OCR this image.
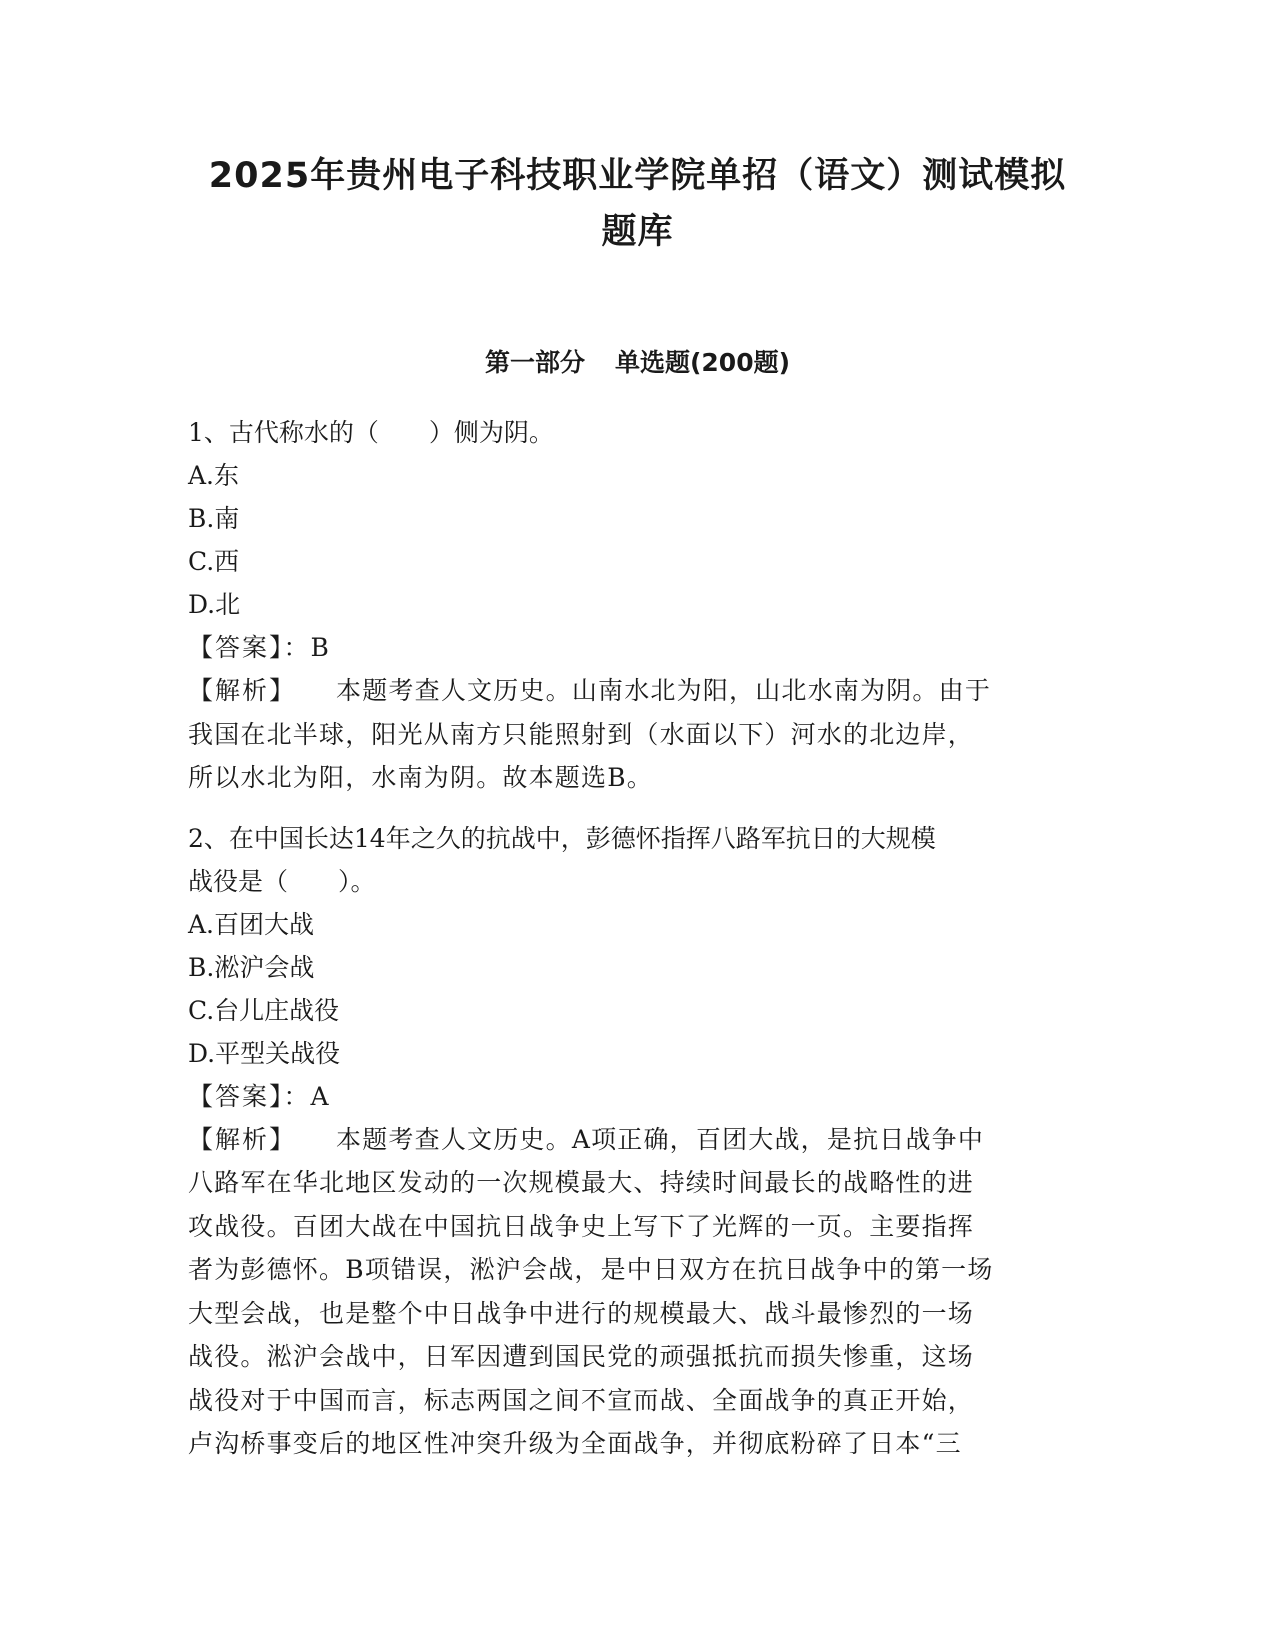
2025年贵州电子科技职业学院单招（语文）测试模拟
题库
第一部分 单选题(200题)
1、古代称水的（　　）侧为阴。
A.东
B.南
C.西
D.北
【答案】：B
【解析】 本题考查人文历史。山南水北为阳，山北水南为阴。由于
我国在北半球，阳光从南方只能照射到（水面以下）河水的北边岸，
所以水北为阳，水南为阴。故本题选B。
2、在中国长达14年之久的抗战中，彭德怀指挥八路军抗日的大规模
战役是（　　）。
A.百团大战
B.淞沪会战
C.台儿庄战役
D.平型关战役
【答案】：A
【解析】 本题考查人文历史。A项正确，百团大战，是抗日战争中
八路军在华北地区发动的一次规模最大、持续时间最长的战略性的进
攻战役。百团大战在中国抗日战争史上写下了光辉的一页。主要指挥
者为彭德怀。B项错误，淞沪会战，是中日双方在抗日战争中的第一场
大型会战，也是整个中日战争中进行的规模最大、战斗最惨烈的一场
战役。淞沪会战中，日军因遭到国民党的顽强抵抗而损失惨重，这场
战役对于中国而言，标志两国之间不宣而战、全面战争的真正开始，
卢沟桥事变后的地区性冲突升级为全面战争，并彻底粉碎了日本“三
